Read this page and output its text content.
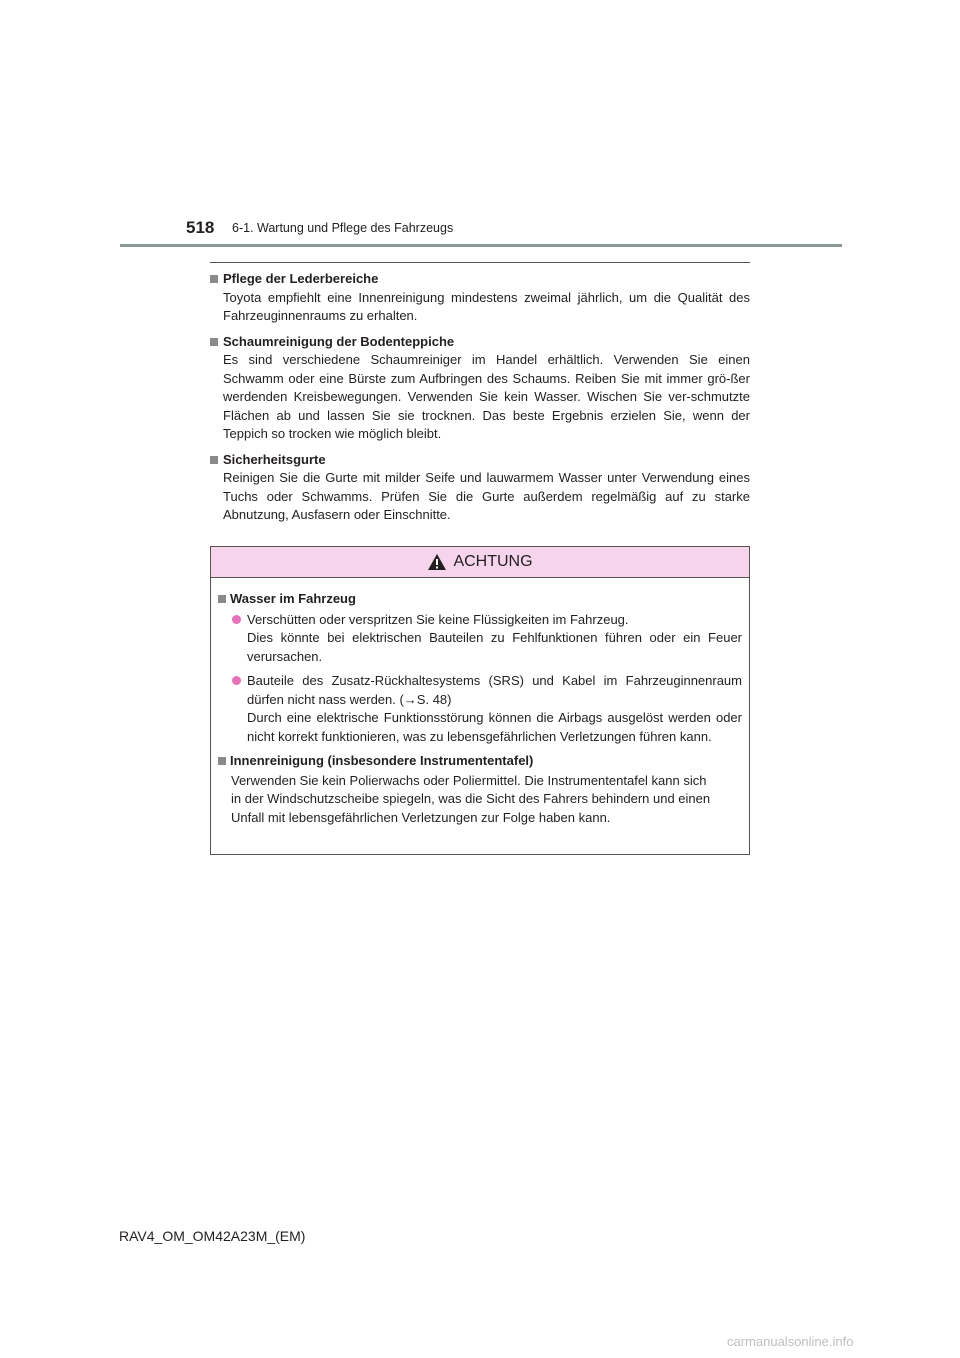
518 6-1. Wartung und Pflege des Fahrzeugs
Pflege der Lederbereiche
Toyota empfiehlt eine Innenreinigung mindestens zweimal jährlich, um die Qualität des Fahrzeuginnenraums zu erhalten.
Schaumreinigung der Bodenteppiche
Es sind verschiedene Schaumreiniger im Handel erhältlich. Verwenden Sie einen Schwamm oder eine Bürste zum Aufbringen des Schaums. Reiben Sie mit immer grö-ßer werdenden Kreisbewegungen. Verwenden Sie kein Wasser. Wischen Sie ver-schmutzte Flächen ab und lassen Sie sie trocknen. Das beste Ergebnis erzielen Sie, wenn der Teppich so trocken wie möglich bleibt.
Sicherheitsgurte
Reinigen Sie die Gurte mit milder Seife und lauwarmem Wasser unter Verwendung eines Tuchs oder Schwamms. Prüfen Sie die Gurte außerdem regelmäßig auf zu starke Abnutzung, Ausfasern oder Einschnitte.
ACHTUNG
Wasser im Fahrzeug
Verschütten oder verspritzen Sie keine Flüssigkeiten im Fahrzeug.
Dies könnte bei elektrischen Bauteilen zu Fehlfunktionen führen oder ein Feuer verursachen.
Bauteile des Zusatz-Rückhaltesystems (SRS) und Kabel im Fahrzeuginnenraum dürfen nicht nass werden. (→S. 48)
Durch eine elektrische Funktionsstörung können die Airbags ausgelöst werden oder nicht korrekt funktionieren, was zu lebensgefährlichen Verletzungen führen kann.
Innenreinigung (insbesondere Instrumententafel)
Verwenden Sie kein Polierwachs oder Poliermittel. Die Instrumententafel kann sich
in der Windschutzscheibe spiegeln, was die Sicht des Fahrers behindern und einen
Unfall mit lebensgefährlichen Verletzungen zur Folge haben kann.
RAV4_OM_OM42A23M_(EM)
carmanualsonline.info
